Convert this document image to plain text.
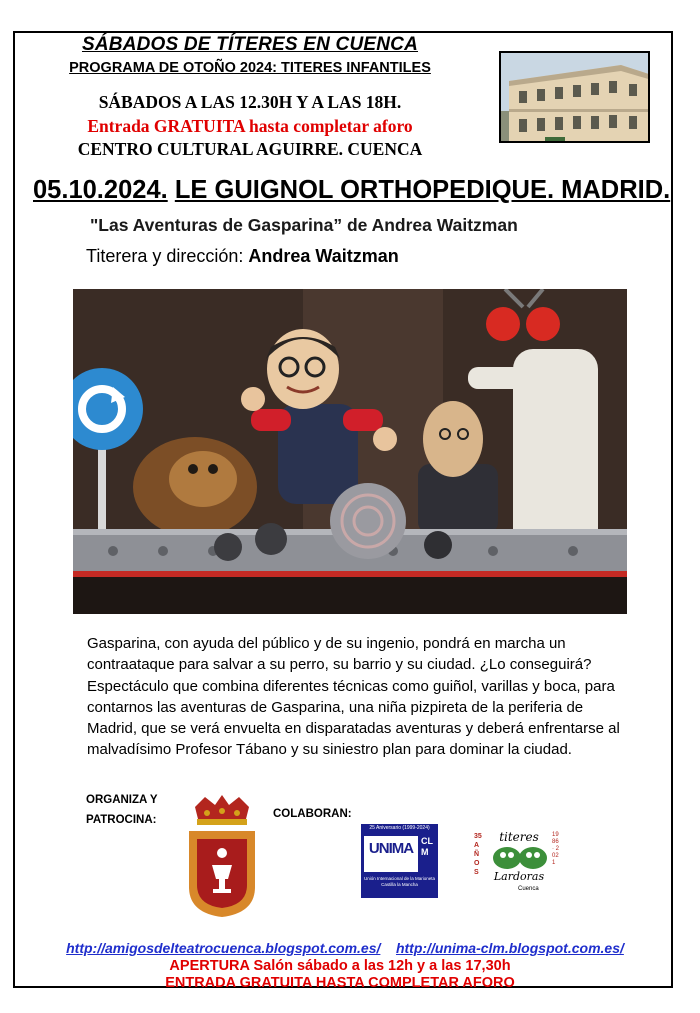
SÁBADOS DE TÍTERES EN CUENCA
PROGRAMA DE OTOÑO 2024: TITERES INFANTILES
SÁBADOS A LAS 12.30H Y A LAS 18H.
Entrada GRATUITA hasta completar aforo
CENTRO CULTURAL AGUIRRE. CUENCA
05.10.2024. LE GUIGNOL ORTHOPEDIQUE. MADRID.
"Las Aventuras de Gasparina” de Andrea Waitzman
Titerera y dirección: Andrea Waitzman
Gasparina, con ayuda del público y de su ingenio, pondrá en marcha un contraataque para salvar a su perro, su barrio y su ciudad. ¿Lo conseguirá? Espectáculo que combina diferentes técnicas como guiñol, varillas y boca, para contarnos las aventuras de Gasparina, una niña pizpireta de la periferia de Madrid, que se verá envuelta en disparatadas aventuras y deberá enfrentarse al malvadísimo Profesor Tábano y su siniestro plan para dominar la ciudad.
ORGANIZA Y
PATROCINA:	COLABORAN:
25 Aniversario (1999-2024)
UNIMA CLM
Unión Internacional de la Marioneta Castilla la Mancha
35 AÑOS
1986 · 2021
titeres
Lardoras
Cuenca
http://amigosdelteatrocuenca.blogspot.com.es/ http://unima-clm.blogspot.com.es/
APERTURA Salón sábado a las 12h y a las 17,30h
ENTRADA GRATUITA HASTA COMPLETAR AFORO
